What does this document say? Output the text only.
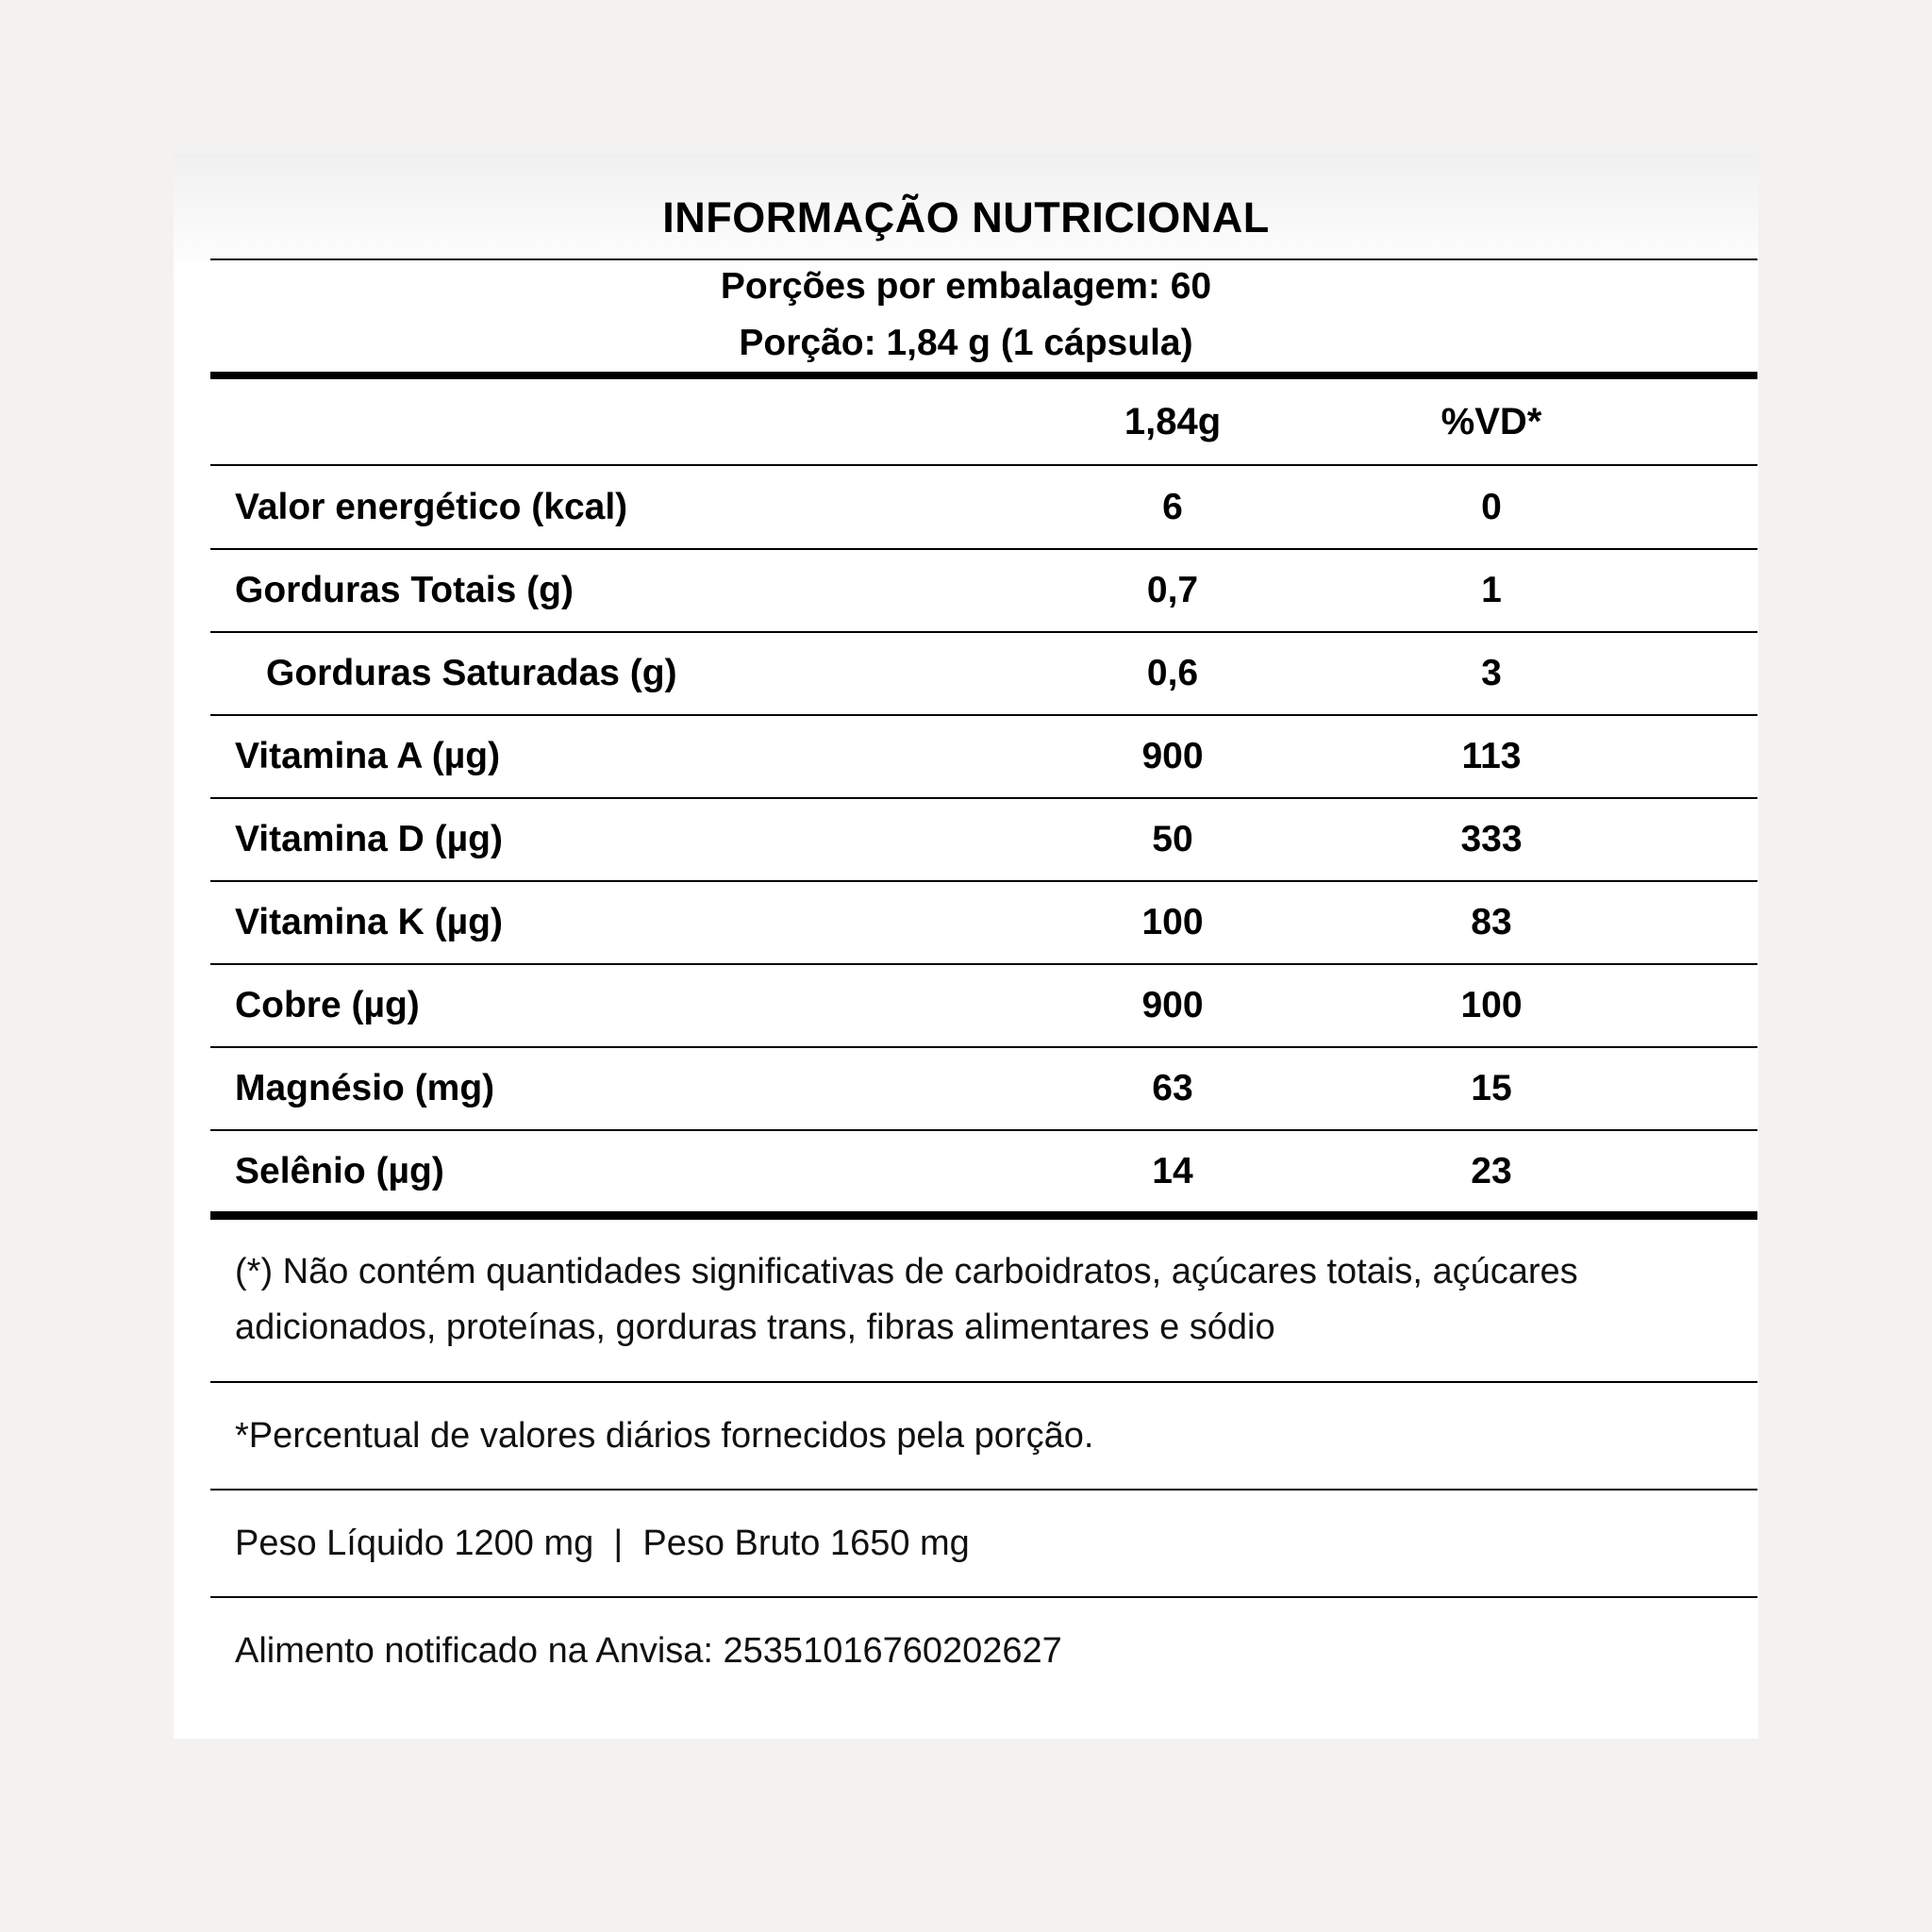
INFORMAÇÃO NUTRICIONAL
Porções por embalagem: 60
Porção: 1,84 g (1 cápsula)
1,84g	%VD*
Valor energético (kcal)	6	0
Gorduras Totais (g)	0,7	1
Gorduras Saturadas (g)	0,6	3
Vitamina A (µg)	900	113
Vitamina D (µg)	50	333
Vitamina K (µg)	100	83
Cobre (µg)	900	100
Magnésio (mg)	63	15
Selênio (µg)	14	23
(*) Não contém quantidades significativas de carboidratos, açúcares totais, açúcares
adicionados, proteínas, gorduras trans, fibras alimentares e sódio
*Percentual de valores diários fornecidos pela porção.
Peso Líquido 1200 mg  |  Peso Bruto 1650 mg
Alimento notificado na Anvisa: 25351016760202627
